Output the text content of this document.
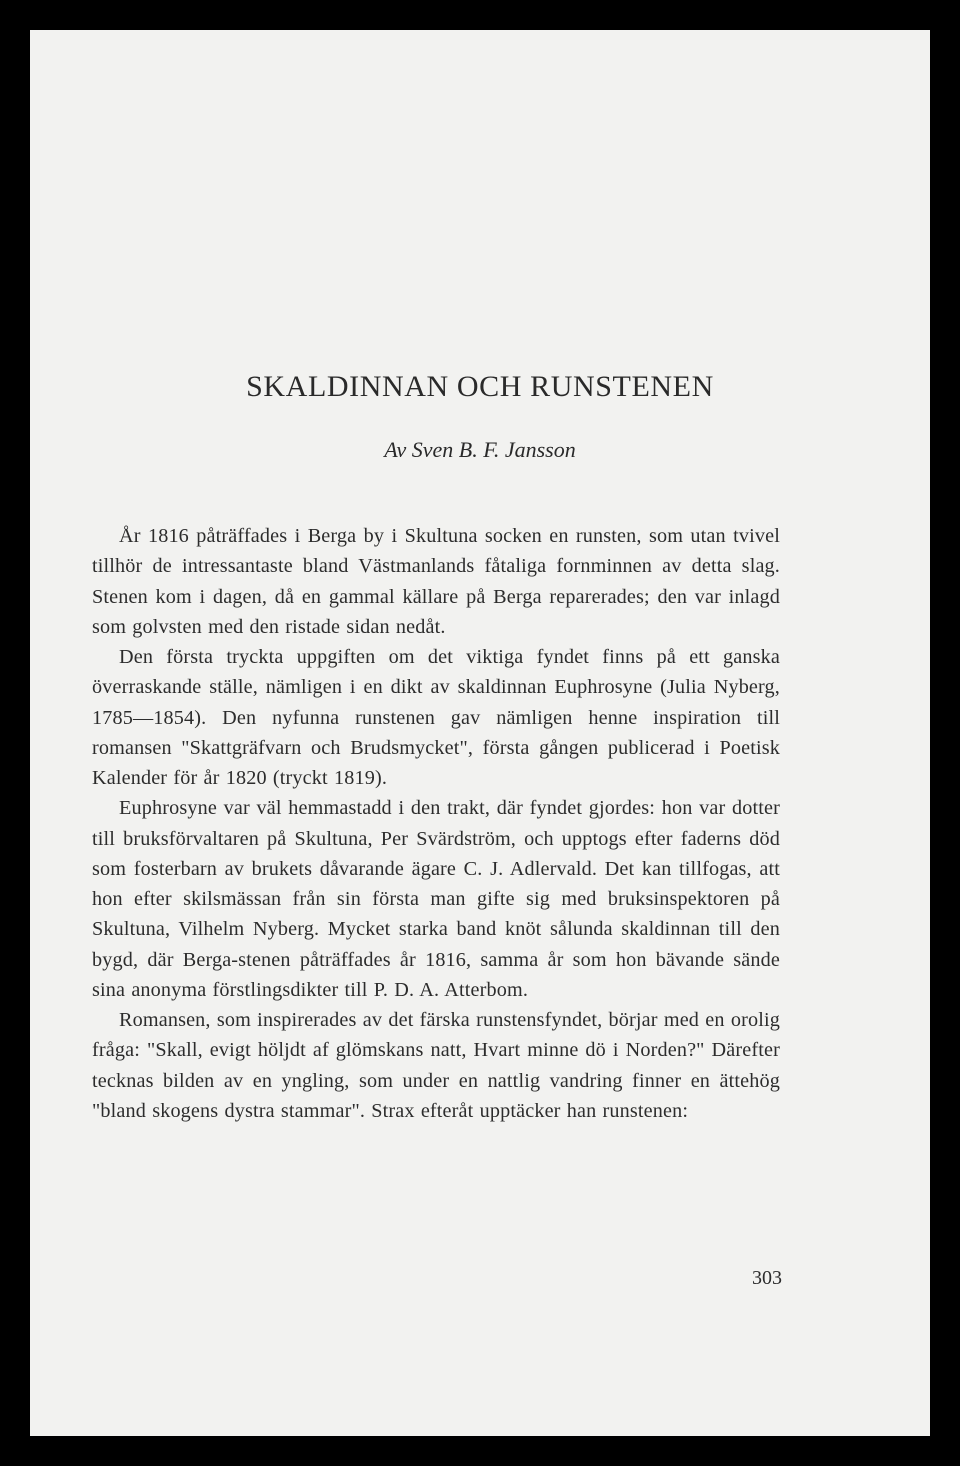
SKALDINNAN OCH RUNSTENEN
Av Sven B. F. Jansson

År 1816 påträffades i Berga by i Skultuna socken en runsten, som utan tvivel tillhör de intressantaste bland Västmanlands fåtaliga fornminnen av detta slag. Stenen kom i dagen, då en gammal källare på Berga reparerades; den var inlagd som golvsten med den ristade sidan nedåt.

Den första tryckta uppgiften om det viktiga fyndet finns på ett ganska överraskande ställe, nämligen i en dikt av skaldinnan Euphrosyne (Julia Nyberg, 1785—1854). Den nyfunna runstenen gav nämligen henne inspiration till romansen "Skattgräfvarn och Brudsmycket", första gången publicerad i Poetisk Kalender för år 1820 (tryckt 1819).

Euphrosyne var väl hemmastadd i den trakt, där fyndet gjordes: hon var dotter till bruksförvaltaren på Skultuna, Per Svärdström, och upptogs efter faderns död som fosterbarn av brukets dåvarande ägare C. J. Adlervald. Det kan tillfogas, att hon efter skilsmässan från sin första man gifte sig med bruksinspektoren på Skultuna, Vilhelm Nyberg. Mycket starka band knöt sålunda skaldinnan till den bygd, där Berga-stenen påträffades år 1816, samma år som hon bävande sände sina anonyma förstlingsdikter till P. D. A. Atterbom.

Romansen, som inspirerades av det färska runstensfyndet, börjar med en orolig fråga: "Skall, evigt höljdt af glömskans natt, Hvart minne dö i Norden?" Därefter tecknas bilden av en yngling, som under en nattlig vandring finner en ättehög "bland skogens dystra stammar". Strax efteråt upptäcker han runstenen:

303
